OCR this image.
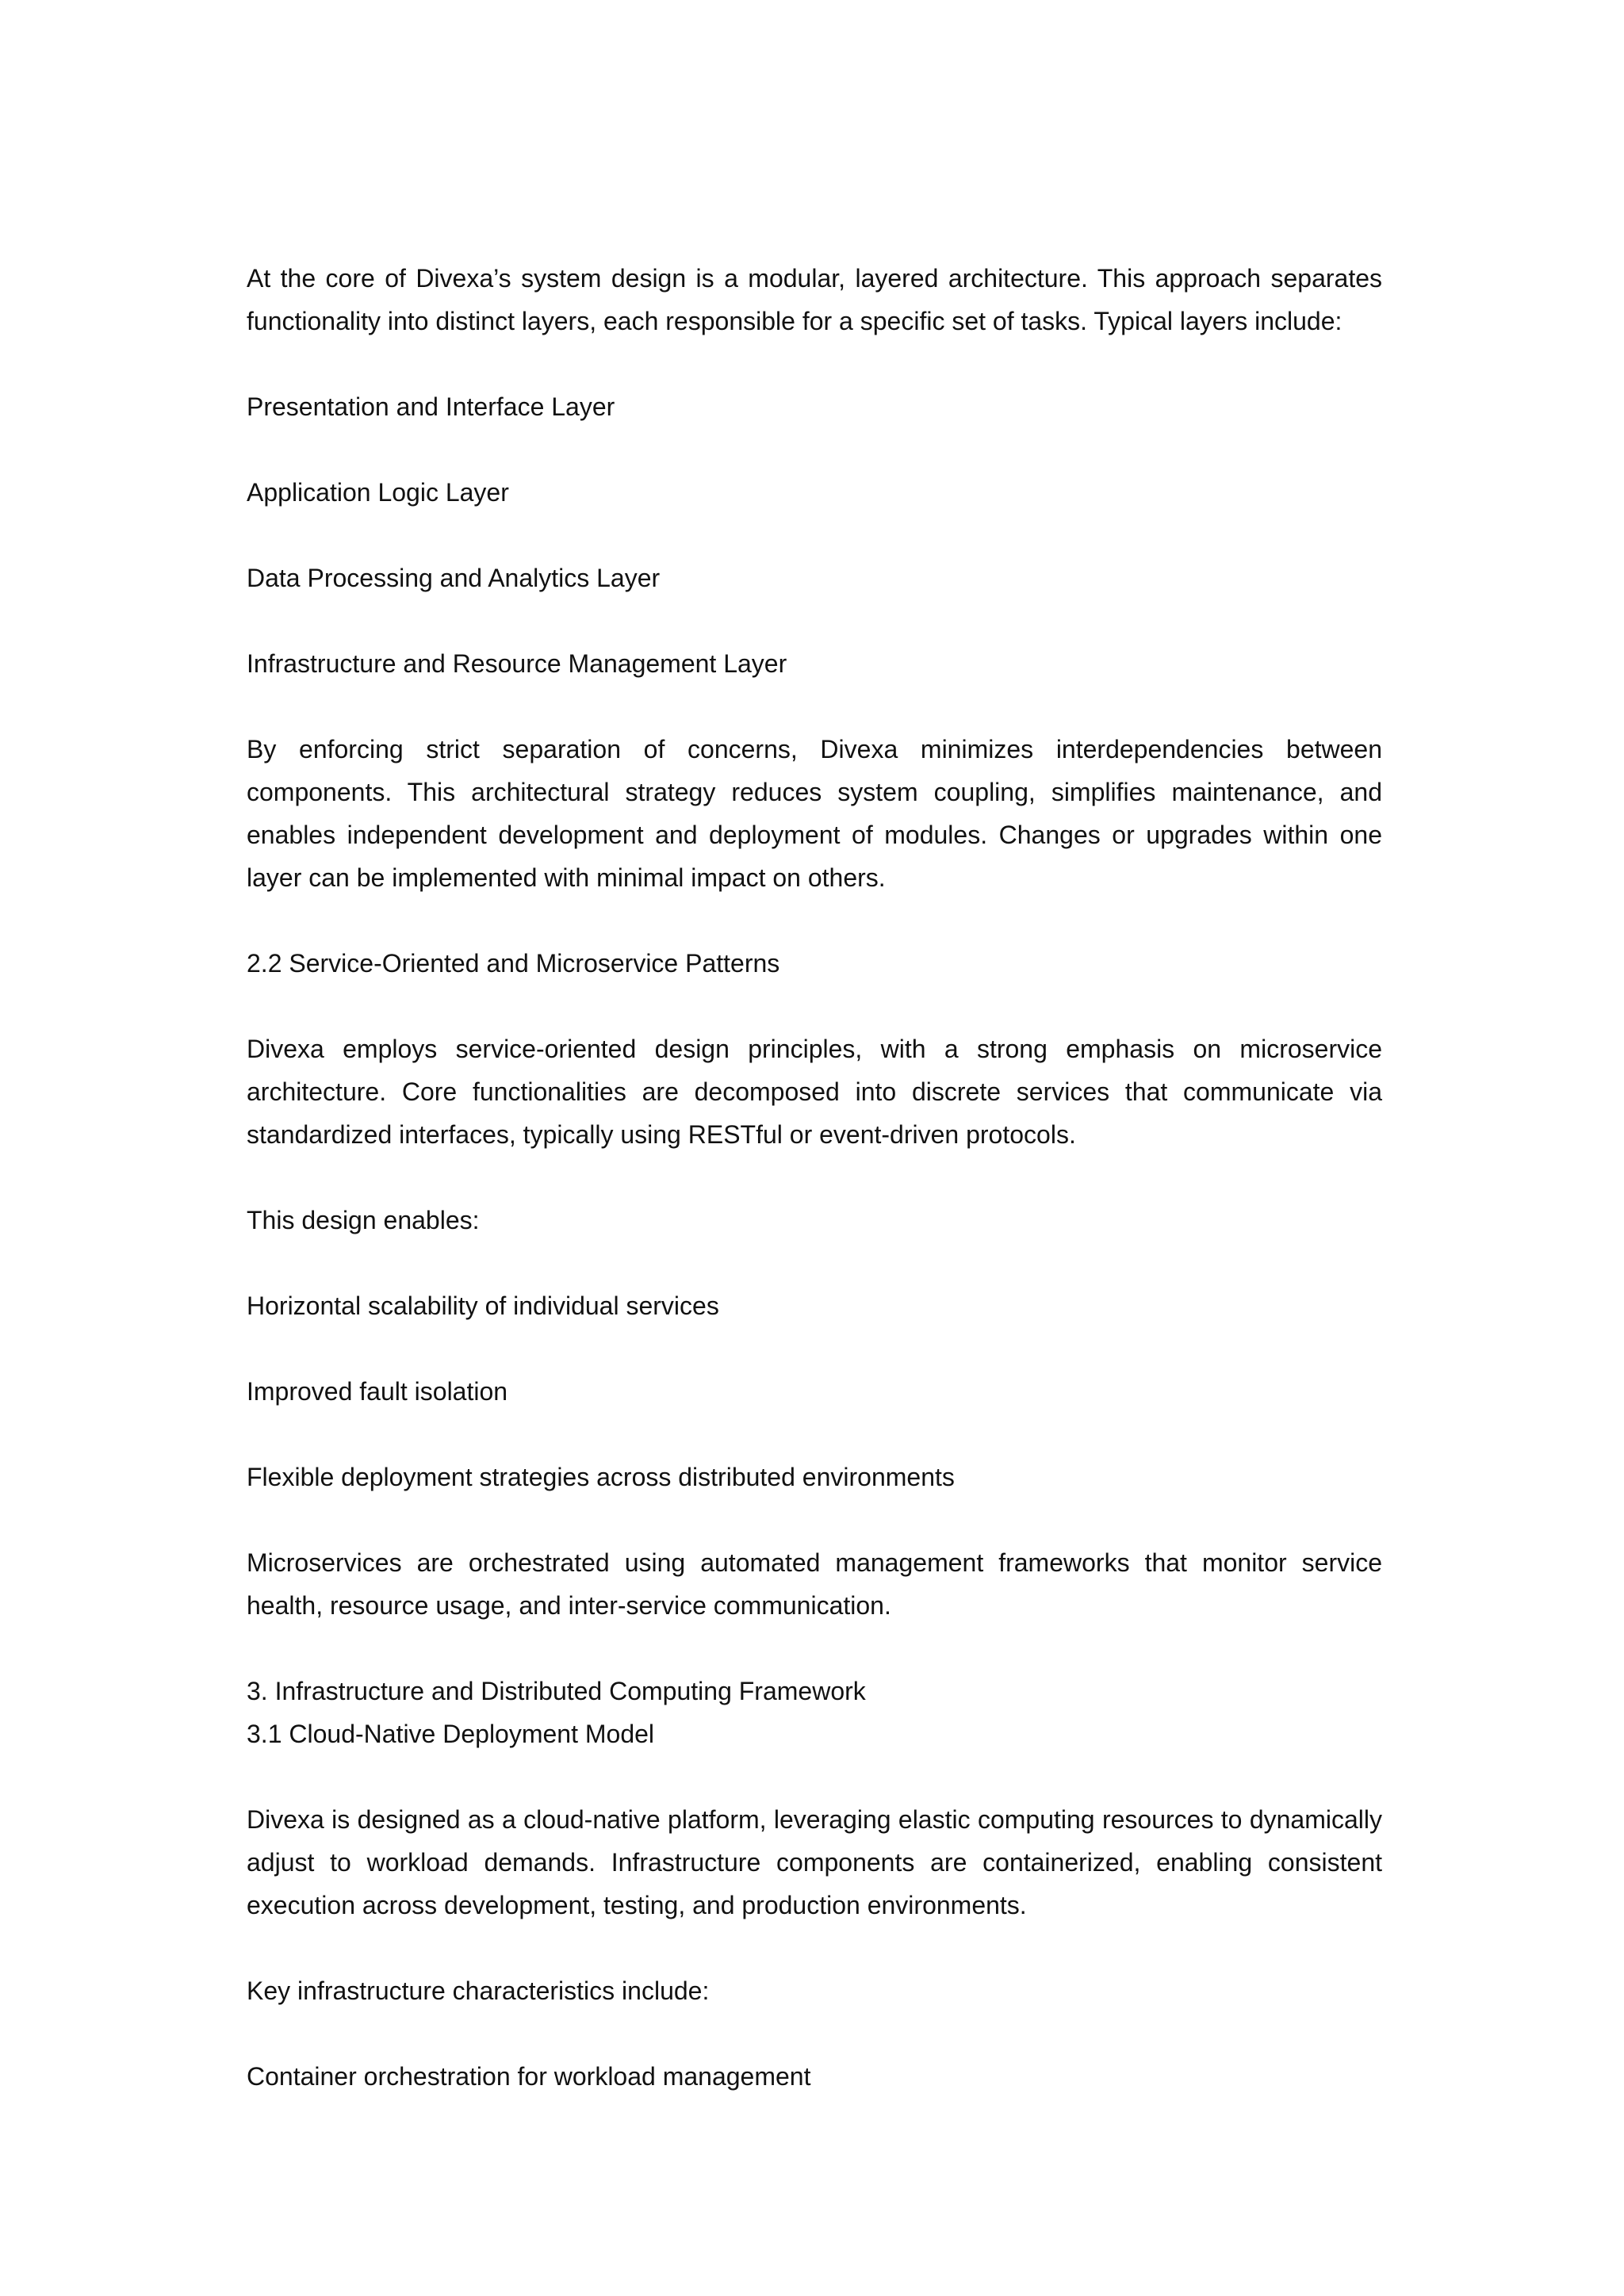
At the core of Divexa’s system design is a modular, layered architecture. This approach separates functionality into distinct layers, each responsible for a specific set of tasks. Typical layers include:

Presentation and Interface Layer

Application Logic Layer

Data Processing and Analytics Layer

Infrastructure and Resource Management Layer

By enforcing strict separation of concerns, Divexa minimizes interdependencies between components. This architectural strategy reduces system coupling, simplifies maintenance, and enables independent development and deployment of modules. Changes or upgrades within one layer can be implemented with minimal impact on others.

2.2 Service-Oriented and Microservice Patterns

Divexa employs service-oriented design principles, with a strong emphasis on microservice architecture. Core functionalities are decomposed into discrete services that communicate via standardized interfaces, typically using RESTful or event-driven protocols.

This design enables:

Horizontal scalability of individual services

Improved fault isolation

Flexible deployment strategies across distributed environments

Microservices are orchestrated using automated management frameworks that monitor service health, resource usage, and inter-service communication.

3. Infrastructure and Distributed Computing Framework
3.1 Cloud-Native Deployment Model

Divexa is designed as a cloud-native platform, leveraging elastic computing resources to dynamically adjust to workload demands. Infrastructure components are containerized, enabling consistent execution across development, testing, and production environments.

Key infrastructure characteristics include:

Container orchestration for workload management
